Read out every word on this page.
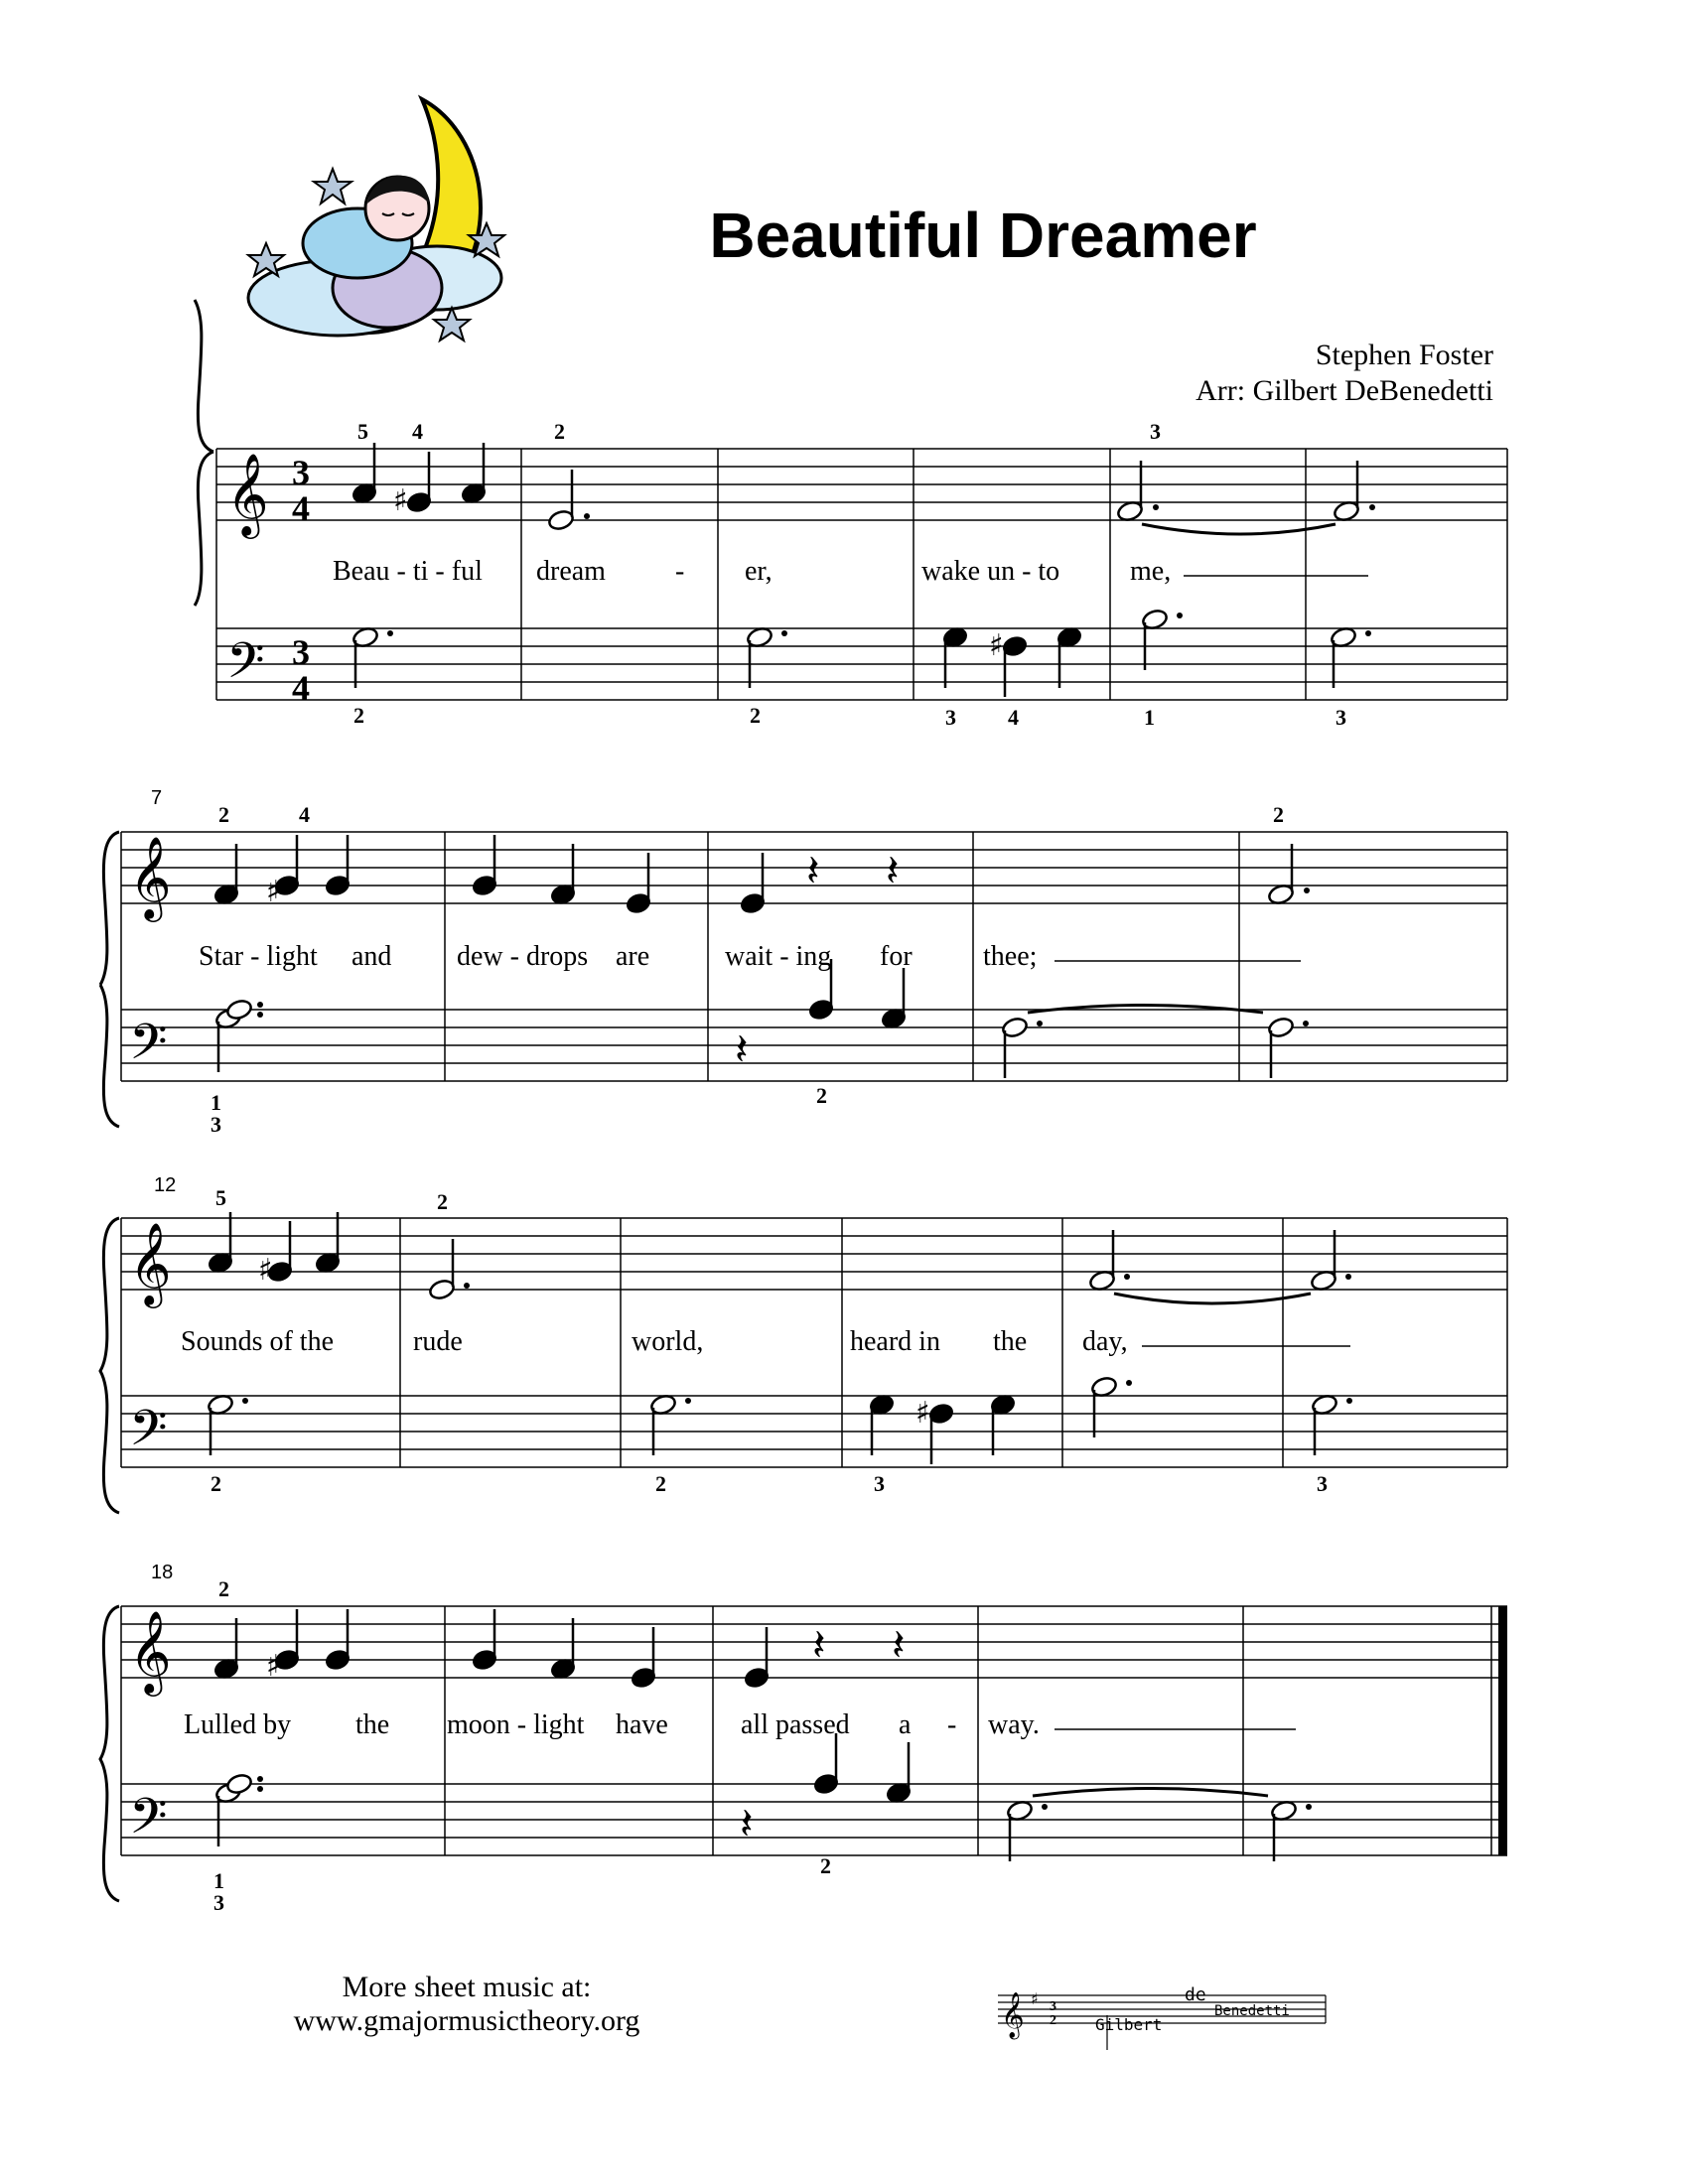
Beautiful Dreamer
Stephen Foster
Arr: Gilbert DeBenedetti
𝄞
𝄢
3
4
3
4
♯
♯
Beau - ti - ful dream	- er,	wake un - to	me,
5 4	2	3
2	2	3 4	1	3
7
𝄞
𝄢
♯	𝄽 𝄽
𝄽
Star - light and dew - drops are	wait - ing for	thee;
2	4	2
1
3
2
12
𝄞
𝄢
♯
♯
Sounds of the	rude	world,	heard in the day,
5	2
2	2	3	3
18
𝄞
𝄢
♯	𝄽 𝄽
𝄽
Lulled by the moon - light have	all passed a - way.
2
1
3
2
More sheet music at:
www.gmajormusictheory.org	𝄞 ♯ 3
2 Gilbert
de
Benedetti
